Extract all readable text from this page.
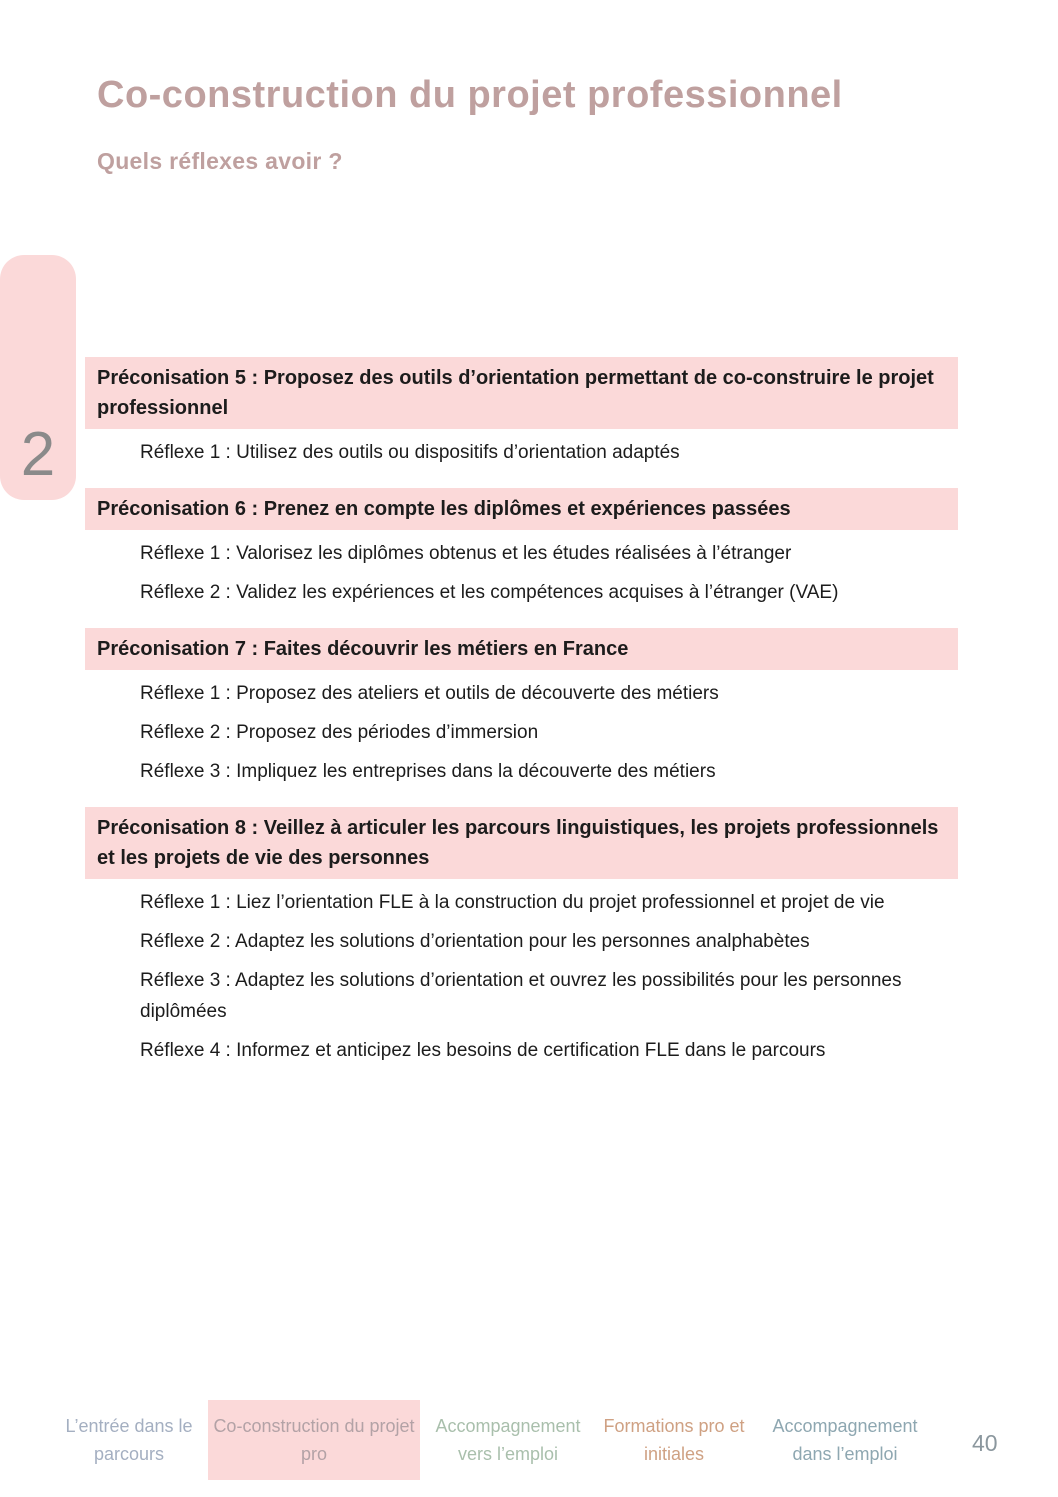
Co-construction du projet professionnel
Quels réflexes avoir ?
2
Préconisation 5 : Proposez des outils d’orientation permettant de co-construire le projet professionnel
Réflexe 1 : Utilisez des outils ou dispositifs d’orientation adaptés
Préconisation 6 : Prenez en compte les diplômes et expériences passées
Réflexe 1 : Valorisez les diplômes obtenus et les études réalisées à l’étranger
Réflexe 2 : Validez les expériences et les compétences acquises à l’étranger (VAE)
Préconisation 7 : Faites découvrir les métiers en France
Réflexe 1 : Proposez des ateliers et outils de découverte des métiers
Réflexe 2 : Proposez des périodes d’immersion
Réflexe 3 : Impliquez les entreprises dans la découverte des métiers
Préconisation 8 : Veillez à articuler les parcours linguistiques, les projets professionnels et les projets de vie des personnes
Réflexe 1 : Liez l’orientation FLE à la construction du projet professionnel et projet de vie
Réflexe 2 : Adaptez les solutions d’orientation pour les personnes analphabètes
Réflexe 3 : Adaptez les solutions d’orientation et ouvrez les possibilités pour les personnes diplômées
Réflexe 4 : Informez et anticipez les besoins de certification FLE dans le parcours
L’entrée dans le parcours
Co-construction du projet pro
Accompagnement vers l’emploi
Formations pro et initiales
Accompagnement dans l’emploi	40
